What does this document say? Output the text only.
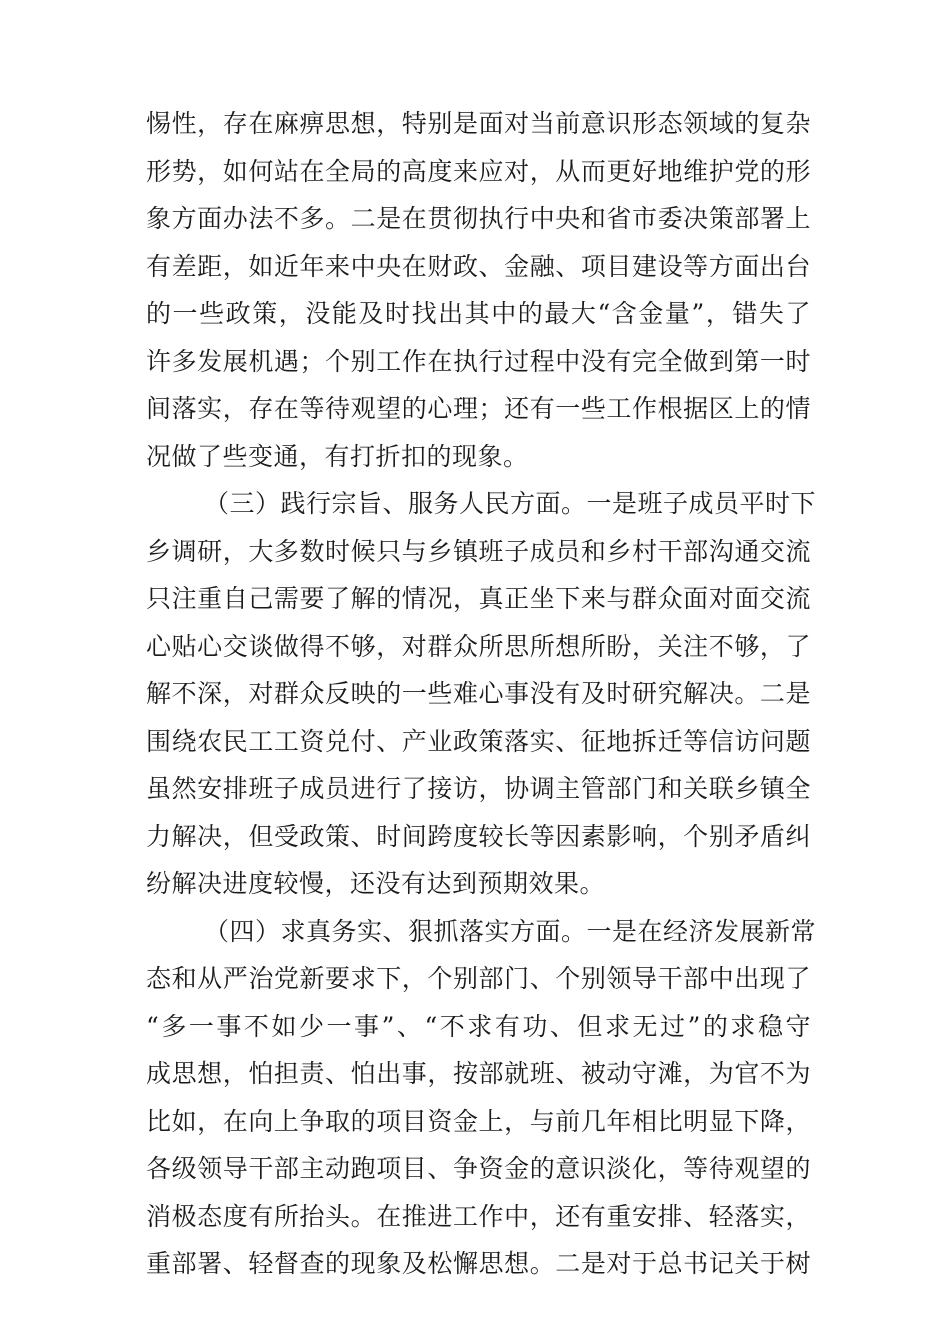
惕性，存在麻痹思想，特别是面对当前意识形态领域的复杂
形势，如何站在全局的高度来应对，从而更好地维护党的形
象方面办法不多。二是在贯彻执行中央和省市委决策部署上
有差距，如近年来中央在财政、金融、项目建设等方面出台
的一些政策，没能及时找出其中的最大“含金量”，错失了
许多发展机遇；个别工作在执行过程中没有完全做到第一时
间落实，存在等待观望的心理；还有一些工作根据区上的情
况做了些变通，有打折扣的现象。
（三）践行宗旨、服务人民方面。一是班子成员平时下
乡调研，大多数时候只与乡镇班子成员和乡村干部沟通交流
只注重自己需要了解的情况，真正坐下来与群众面对面交流
心贴心交谈做得不够，对群众所思所想所盼，关注不够，了
解不深，对群众反映的一些难心事没有及时研究解决。二是
围绕农民工工资兑付、产业政策落实、征地拆迁等信访问题
虽然安排班子成员进行了接访，协调主管部门和关联乡镇全
力解决，但受政策、时间跨度较长等因素影响，个别矛盾纠
纷解决进度较慢，还没有达到预期效果。
（四）求真务实、狠抓落实方面。一是在经济发展新常
态和从严治党新要求下，个别部门、个别领导干部中出现了
“多一事不如少一事”、“不求有功、但求无过”的求稳守
成思想，怕担责、怕出事，按部就班、被动守滩，为官不为
比如，在向上争取的项目资金上，与前几年相比明显下降，
各级领导干部主动跑项目、争资金的意识淡化，等待观望的
消极态度有所抬头。在推进工作中，还有重安排、轻落实，
重部署、轻督查的现象及松懈思想。二是对于总书记关于树
